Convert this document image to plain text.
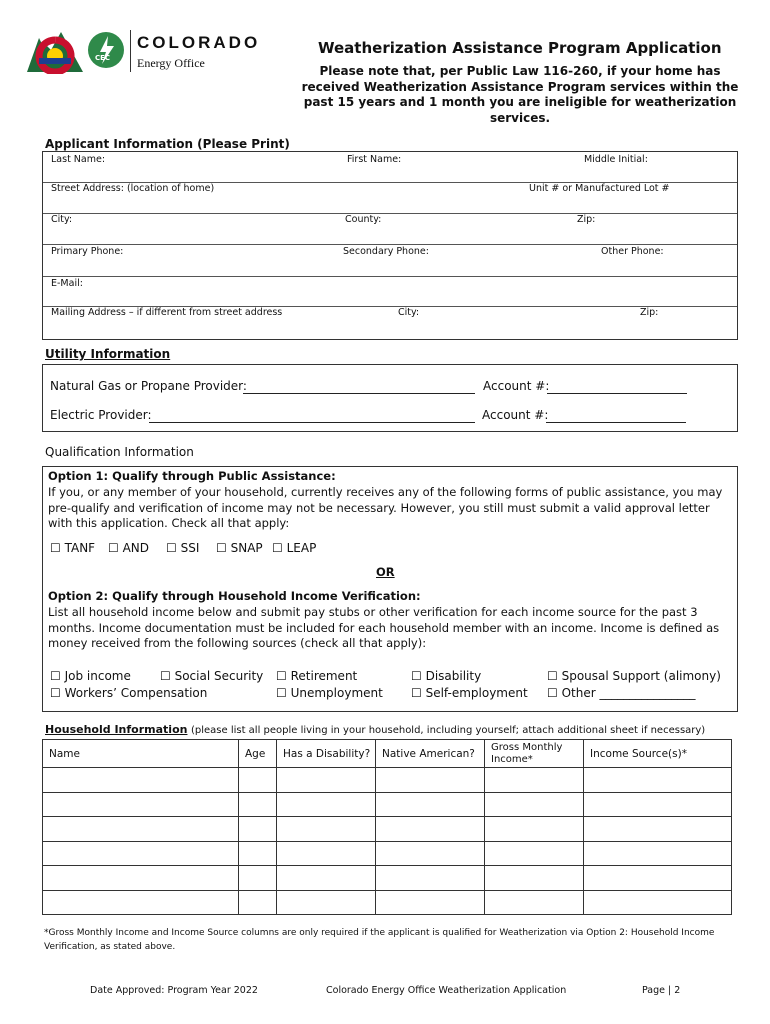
CEC
COLORADO
Energy Office
Weatherization Assistance Program Application
Please note that, per Public Law 116-260, if your home has received Weatherization Assistance Program services within the past 15 years and 1 month you are ineligible for weatherization services.
Applicant Information (Please Print)
Last Name:	First Name:	Middle Initial:
Street Address: (location of home)	Unit # or Manufactured Lot #
City:	County:	Zip:
Primary Phone:	Secondary Phone:	Other Phone:
E-Mail:
Mailing Address – if different from street address	City:	Zip:
Utility Information
Natural Gas or Propane Provider:	Account #:
Electric Provider:	Account #:
Qualification Information
Option 1: Qualify through Public Assistance:
If you, or any member of your household, currently receives any of the following forms of public assistance, you may pre-qualify and verification of income may not be necessary. However, you still must submit a valid approval letter with this application. Check all that apply:
☐ TANF ☐ AND ☐ SSI ☐ SNAP ☐ LEAP
OR
Option 2: Qualify through Household Income Verification:
List all household income below and submit pay stubs or other verification for each income source for the past 3 months. Income documentation must be included for each household member with an income. Income is defined as money received from the following sources (check all that apply):
☐ Job income ☐ Social Security ☐ Retirement	☐ Disability	☐ Spousal Support (alimony)
☐ Workers’ Compensation	☐ Unemployment ☐ Self-employment ☐ Other ________________
Household Information (please list all people living in your household, including yourself; attach additional sheet if necessary)
Name	Age	Has a Disability?	Native American?	Gross Monthly Income*	Income Source(s)*

*Gross Monthly Income and Income Source columns are only required if the applicant is qualified for Weatherization via Option 2: Household Income Verification, as stated above.
Date Approved: Program Year 2022	Colorado Energy Office Weatherization Application	Page | 2
